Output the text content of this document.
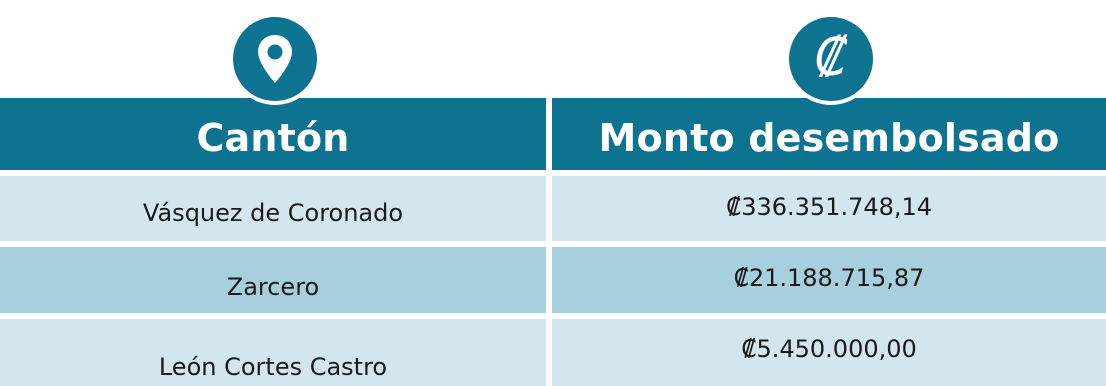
Cantón
Vásquez de Coronado
Zarcero
León Cortes Castro
₡
Monto desembolsado
₡336.351.748,14
₡21.188.715,87
₡5.450.000,00
